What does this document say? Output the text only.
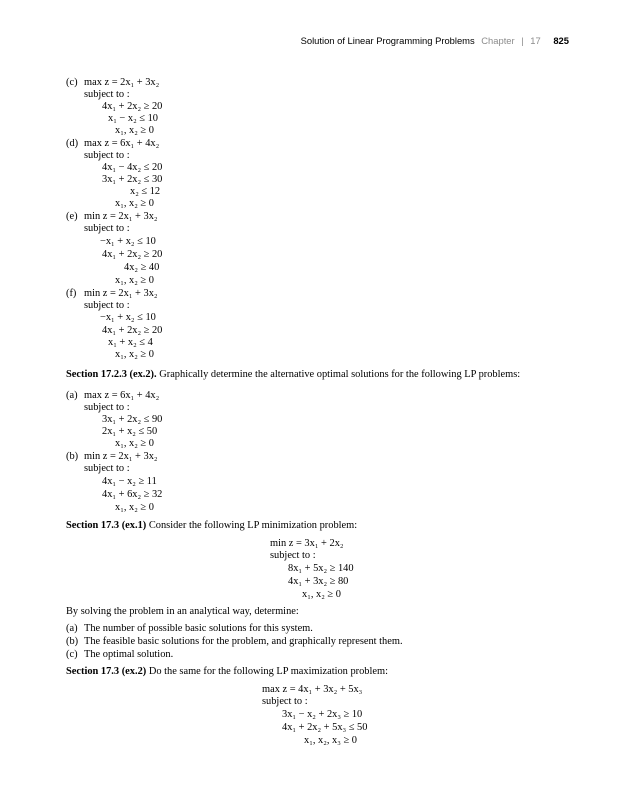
Solution of Linear Programming Problems Chapter | 17 825
(c) max z = 2x₁ + 3x₂
subject to :
4x₁ + 2x₂ ≥ 20
x₁ − x₂ ≤ 10
x₁, x₂ ≥ 0
(d) max z = 6x₁ + 4x₂
subject to :
4x₁ − 4x₂ ≤ 20
3x₁ + 2x₂ ≤ 30
x₂ ≤ 12
x₁, x₂ ≥ 0
(e) min z = 2x₁ + 3x₂
subject to :
−x₁ + x₂ ≤ 10
4x₁ + 2x₂ ≥ 20
4x₂ ≥ 40
x₁, x₂ ≥ 0
(f) min z = 2x₁ + 3x₂
subject to :
−x₁ + x₂ ≤ 10
4x₁ + 2x₂ ≥ 20
x₁ + x₂ ≤ 4
x₁, x₂ ≥ 0
Section 17.2.3 (ex.2). Graphically determine the alternative optimal solutions for the following LP problems:
(a) max z = 6x₁ + 4x₂
subject to :
3x₁ + 2x₂ ≤ 90
2x₁ + x₂ ≤ 50
x₁, x₂ ≥ 0
(b) min z = 2x₁ + 3x₂
subject to :
4x₁ − x₂ ≥ 11
4x₁ + 6x₂ ≥ 32
x₁, x₂ ≥ 0
Section 17.3 (ex.1) Consider the following LP minimization problem:
min z = 3x₁ + 2x₂
subject to :
8x₁ + 5x₂ ≥ 140
4x₁ + 3x₂ ≥ 80
x₁, x₂ ≥ 0
By solving the problem in an analytical way, determine:
(a) The number of possible basic solutions for this system.
(b) The feasible basic solutions for the problem, and graphically represent them.
(c) The optimal solution.
Section 17.3 (ex.2) Do the same for the following LP maximization problem:
max z = 4x₁ + 3x₂ + 5x₃
subject to :
3x₁ − x₂ + 2x₃ ≥ 10
4x₁ + 2x₂ + 5x₃ ≤ 50
x₁, x₂, x₃ ≥ 0
